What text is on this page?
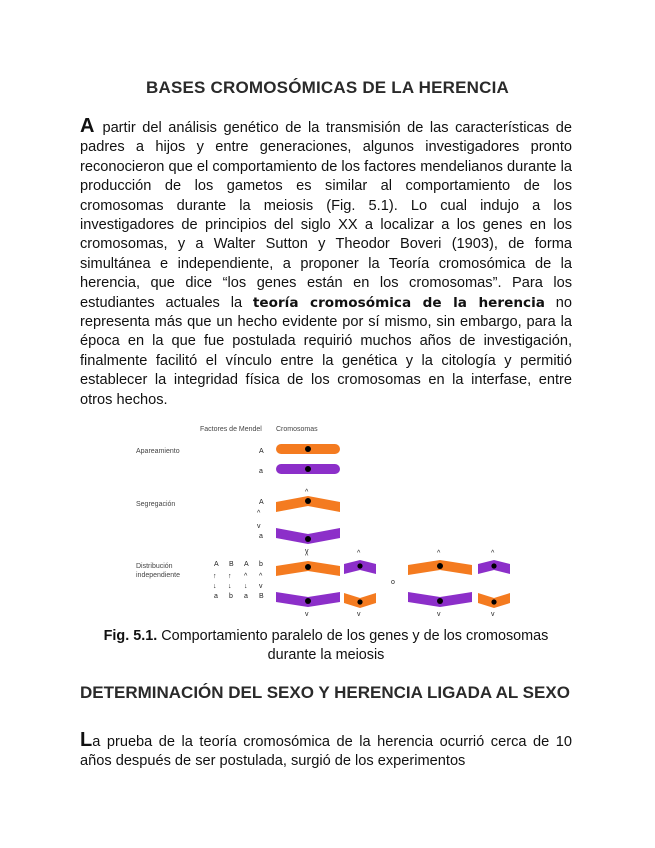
BASES CROMOSÓMICAS DE LA HERENCIA
A partir del análisis genético de la transmisión de las características de padres a hijos y entre generaciones, algunos investigadores pronto reconocieron que el comportamiento de los factores mendelianos durante la producción de los gametos es similar al comportamiento de los cromosomas durante la meiosis (Fig. 5.1). Lo cual indujo a los investigadores de principios del siglo XX a localizar a los genes en los cromosomas, y a Walter Sutton y Theodor Boveri (1903), de forma simultánea e independiente, a proponer la Teoría cromosómica de la herencia, que dice “los genes están en los cromosomas”. Para los estudiantes actuales la teoría cromosómica de la herencia no representa más que un hecho evidente por sí mismo, sin embargo, para la época en la que fue postulada requirió muchos años de investigación, finalmente facilitó el vínculo entre la genética y la citología y permitió establecer la integridad física de los cromosomas en la interfase, entre otros hechos.
Factores de Mendel Cromosomas
Apareamiento	A
a
Segregación	A
^
v
a
^
v
Distribución
independiente
A B A b
↑ ↑ ^ ^
↓ ↓ ↓ v
a b a B
^	^
v	v
o
^	^
v	v
Fig. 5.1. Comportamiento paralelo de los genes y de los cromosomas durante la meiosis
DETERMINACIÓN DEL SEXO Y HERENCIA LIGADA AL SEXO
La prueba de la teoría cromosómica de la herencia ocurrió cerca de 10 años después de ser postulada, surgió de los experimentos
